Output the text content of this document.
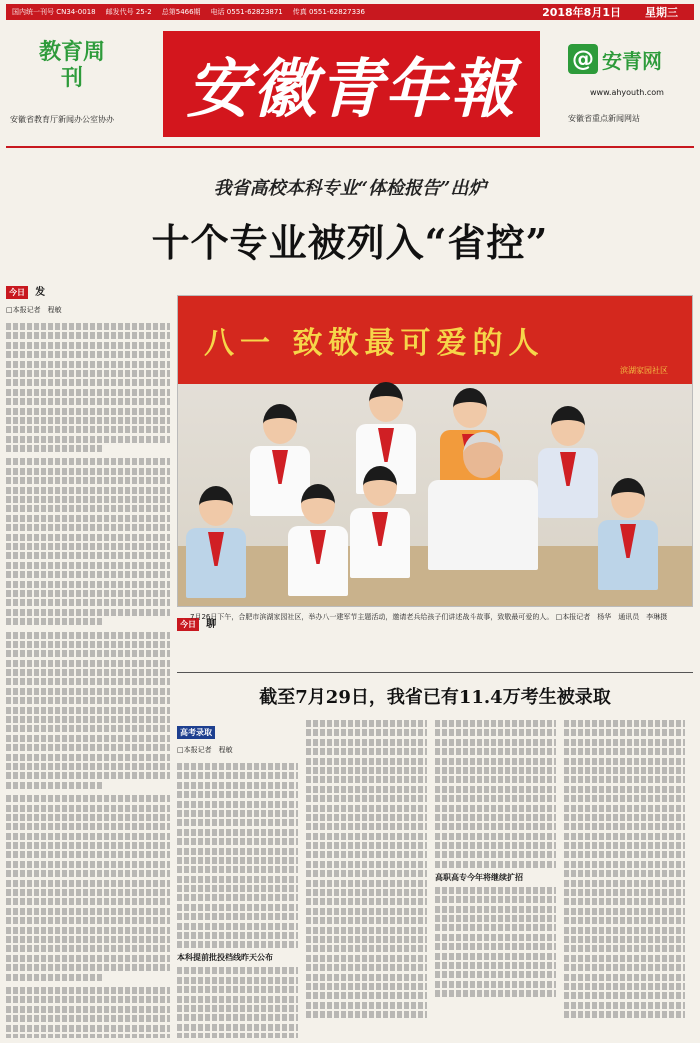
国内统一刊号 CN34-0018 邮发代号 25-2 总第5466期 电话 0551-62823871 传真 0551-62827336	2018年8月1日 星期三
教育周刊
安徽省教育厅新闻办公室协办	安徽青年報	@ 安青网
www.ahyouth.com
安徽省重点新闻网站
我省高校本科专业“体检报告”出炉
十个专业被列入“省控”
今日 发
□本报记者　程敏
八一 致敬最可爱的人
滨湖家园社区
今日 聊
7月26日下午，合肥市滨湖家园社区，举办八一建军节主题活动，邀请老兵给孩子们讲述战斗故事，致敬最可爱的人。 □本报记者　杨华　通讯员　李琳摄
截至7月29日，我省已有11.4万考生被录取
高考录取
□本报记者　程敏
本科提前批投档线昨天公布
高职高专今年将继续扩招
